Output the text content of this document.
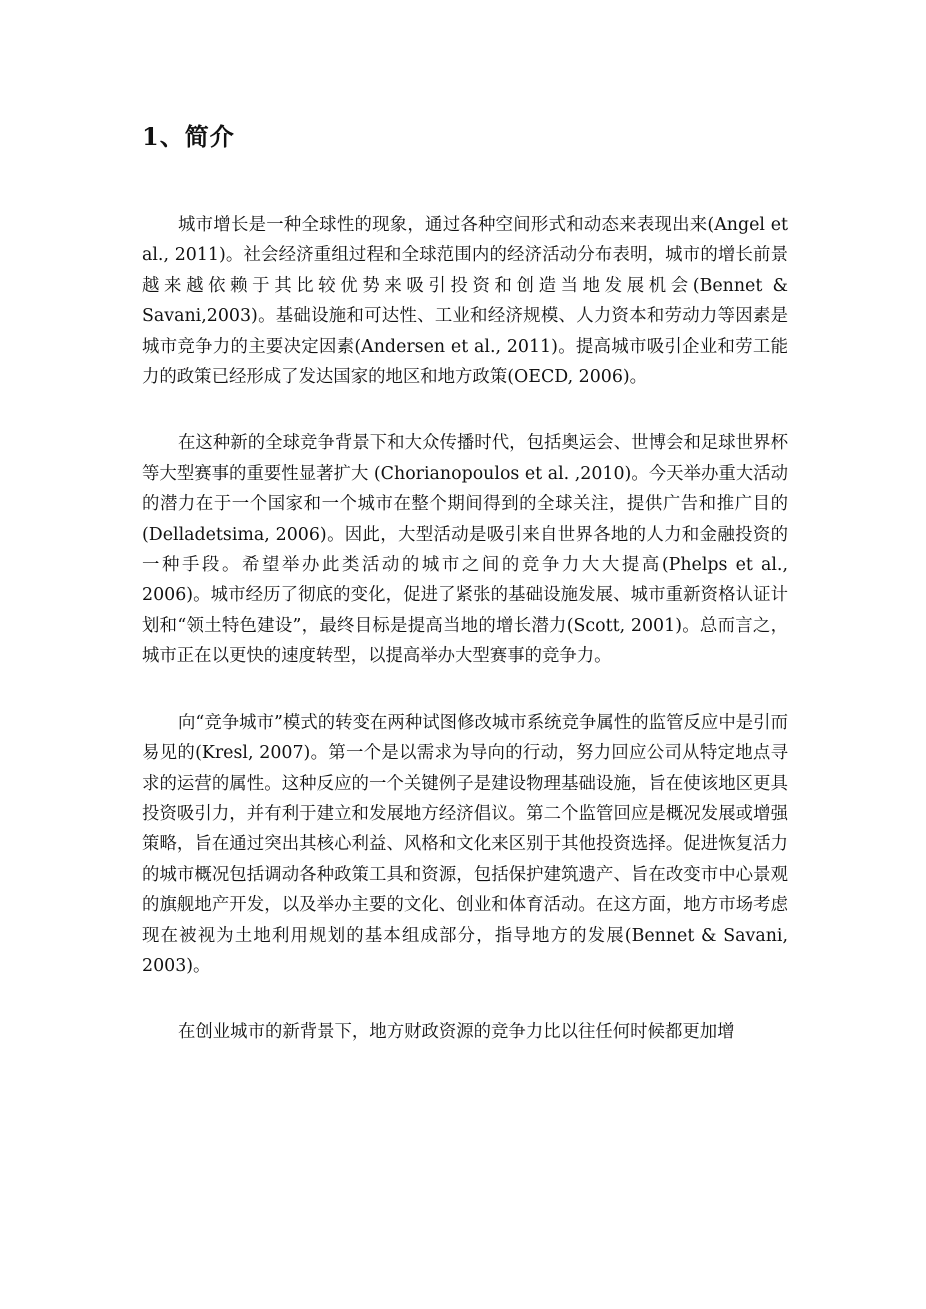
1、简介

城市增长是一种全球性的现象，通过各种空间形式和动态来表现出来(Angel et al., 2011)。社会经济重组过程和全球范围内的经济活动分布表明，城市的增长前景越来越依赖于其比较优势来吸引投资和创造当地发展机会(Bennet & Savani,2003)。基础设施和可达性、工业和经济规模、人力资本和劳动力等因素是城市竞争力的主要决定因素(Andersen et al., 2011)。提高城市吸引企业和劳工能力的政策已经形成了发达国家的地区和地方政策(OECD, 2006)。

在这种新的全球竞争背景下和大众传播时代，包括奥运会、世博会和足球世界杯等大型赛事的重要性显著扩大 (Chorianopoulos et al. ,2010)。今天举办重大活动的潜力在于一个国家和一个城市在整个期间得到的全球关注，提供广告和推广目的 (Delladetsima, 2006)。因此，大型活动是吸引来自世界各地的人力和金融投资的一种手段。希望举办此类活动的城市之间的竞争力大大提高(Phelps et al., 2006)。城市经历了彻底的变化，促进了紧张的基础设施发展、城市重新资格认证计划和“领土特色建设”，最终目标是提高当地的增长潜力(Scott, 2001)。总而言之，城市正在以更快的速度转型，以提高举办大型赛事的竞争力。

向“竞争城市”模式的转变在两种试图修改城市系统竞争属性的监管反应中是引而易见的(Kresl, 2007)。第一个是以需求为导向的行动，努力回应公司从特定地点寻求的运营的属性。这种反应的一个关键例子是建设物理基础设施，旨在使该地区更具投资吸引力，并有利于建立和发展地方经济倡议。第二个监管回应是概况发展或增强策略，旨在通过突出其核心利益、风格和文化来区别于其他投资选择。促进恢复活力的城市概况包括调动各种政策工具和资源，包括保护建筑遗产、旨在改变市中心景观的旗舰地产开发，以及举办主要的文化、创业和体育活动。在这方面，地方市场考虑现在被视为土地利用规划的基本组成部分，指导地方的发展(Bennet & Savani, 2003)。

在创业城市的新背景下，地方财政资源的竞争力比以往任何时候都更加增
